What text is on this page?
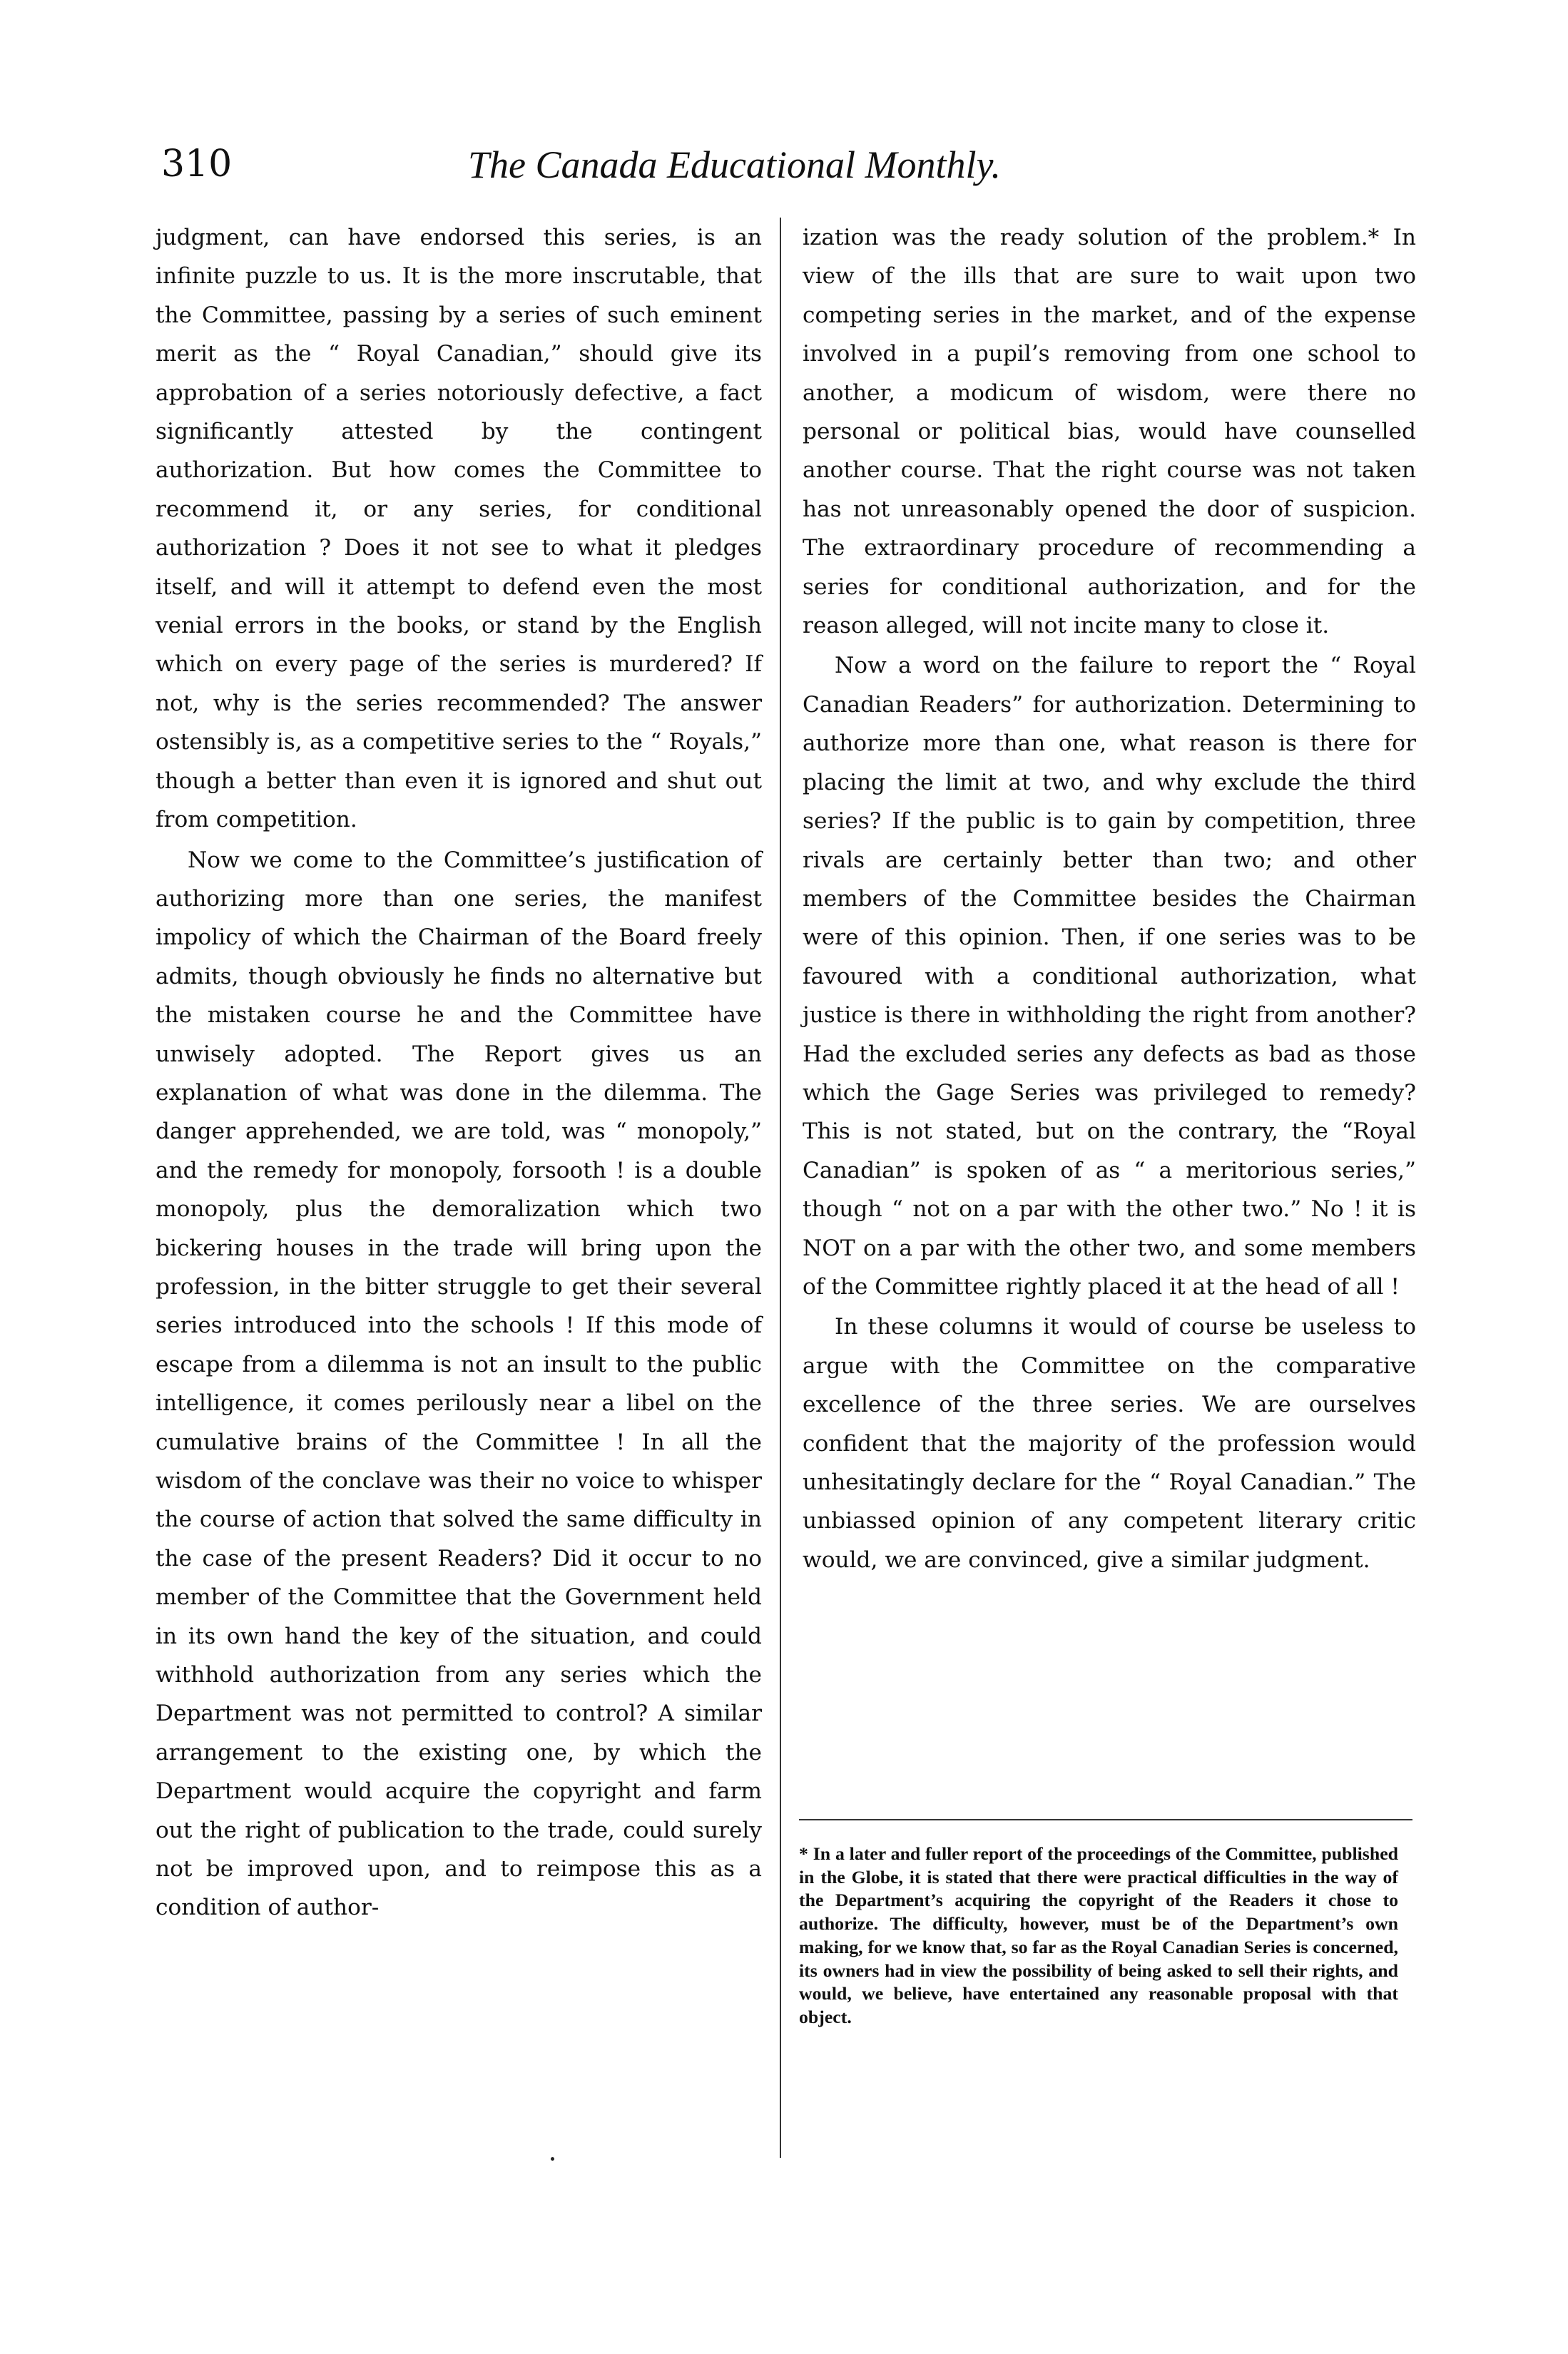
310	The Canada Educational Monthly.

judgment, can have endorsed this series, is an infinite puzzle to us. It is the more inscrutable, that the Committee, passing by a series of such eminent merit as the “ Royal Canadian,” should give its approbation of a series notoriously defective, a fact significantly attested by the contingent authorization. But how comes the Committee to recommend it, or any series, for conditional authorization ? Does it not see to what it pledges itself, and will it attempt to defend even the most venial errors in the books, or stand by the English which on every page of the series is murdered? If not, why is the series recommended? The answer ostensibly is, as a competitive series to the “ Royals,” though a better than even it is ignored and shut out from competition.

Now we come to the Committee’s justification of authorizing more than one series, the manifest impolicy of which the Chairman of the Board freely admits, though obviously he finds no alternative but the mistaken course he and the Committee have unwisely adopted. The Report gives us an explanation of what was done in the dilemma. The danger apprehended, we are told, was “ monopoly,” and the remedy for monopoly, forsooth ! is a double monopoly, plus the demoralization which two bickering houses in the trade will bring upon the profession, in the bitter struggle to get their several series introduced into the schools ! If this mode of escape from a dilemma is not an insult to the public intelligence, it comes perilously near a libel on the cumulative brains of the Committee ! In all the wisdom of the conclave was their no voice to whisper the course of action that solved the same difficulty in the case of the present Readers? Did it occur to no member of the Committee that the Government held in its own hand the key of the situation, and could withhold authorization from any series which the Department was not permitted to control? A similar arrangement to the existing one, by which the Department would acquire the copyright and farm out the right of publication to the trade, could surely not be improved upon, and to reimpose this as a condition of author-

ization was the ready solution of the problem.* In view of the ills that are sure to wait upon two competing series in the market, and of the expense involved in a pupil’s removing from one school to another, a modicum of wisdom, were there no personal or political bias, would have counselled another course. That the right course was not taken has not unreasonably opened the door of suspicion. The extraordinary procedure of recommending a series for conditional authorization, and for the reason alleged, will not incite many to close it.

Now a word on the failure to report the “ Royal Canadian Readers” for authorization. Determining to authorize more than one, what reason is there for placing the limit at two, and why exclude the third series? If the public is to gain by competition, three rivals are certainly better than two; and other members of the Committee besides the Chairman were of this opinion. Then, if one series was to be favoured with a conditional authorization, what justice is there in withholding the right from another? Had the excluded series any defects as bad as those which the Gage Series was privileged to remedy? This is not stated, but on the contrary, the “Royal Canadian” is spoken of as “ a meritorious series,” though “ not on a par with the other two.” No ! it is NOT on a par with the other two, and some members of the Committee rightly placed it at the head of all !

In these columns it would of course be useless to argue with the Committee on the comparative excellence of the three series. We are ourselves confident that the majority of the profession would unhesitatingly declare for the “ Royal Canadian.” The unbiassed opinion of any competent literary critic would, we are convinced, give a similar judgment.

* In a later and fuller report of the proceedings of the Committee, published in the Globe, it is stated that there were practical difficulties in the way of the Department’s acquiring the copyright of the Readers it chose to authorize. The difficulty, however, must be of the Department’s own making, for we know that, so far as the Royal Canadian Series is concerned, its owners had in view the possibility of being asked to sell their rights, and would, we believe, have entertained any reasonable proposal with that object.
